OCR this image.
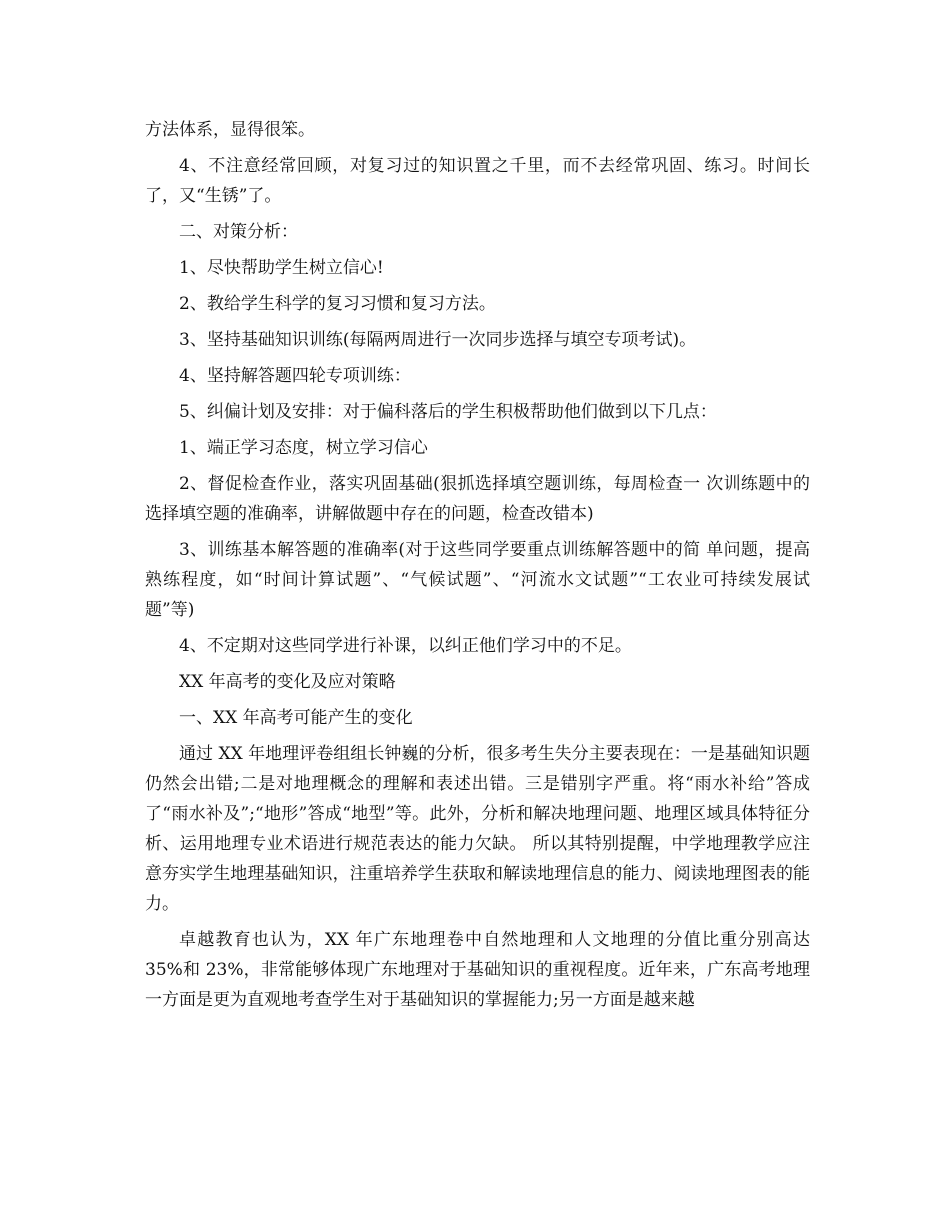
方法体系，显得很笨。

4、不注意经常回顾，对复习过的知识置之千里，而不去经常巩固、练习。时间长了，又“生锈”了。

二、对策分析：

1、尽快帮助学生树立信心!

2、教给学生科学的复习习惯和复习方法。

3、坚持基础知识训练(每隔两周进行一次同步选择与填空专项考试)。

4、坚持解答题四轮专项训练：

5、纠偏计划及安排：对于偏科落后的学生积极帮助他们做到以下几点：

1、端正学习态度，树立学习信心

2、督促检查作业，落实巩固基础(狠抓选择填空题训练，每周检查一 次训练题中的选择填空题的准确率，讲解做题中存在的问题，检查改错本)

3、训练基本解答题的准确率(对于这些同学要重点训练解答题中的简 单问题，提高熟练程度，如“时间计算试题”、“气候试题”、“河流水文试题”“工农业可持续发展试题”等)

4、不定期对这些同学进行补课，以纠正他们学习中的不足。

XX 年高考的变化及应对策略

一、XX 年高考可能产生的变化

通过 XX 年地理评卷组组长钟巍的分析，很多考生失分主要表现在：一是基础知识题仍然会出错;二是对地理概念的理解和表述出错。三是错别字严重。将“雨水补给”答成了“雨水补及”;“地形”答成“地型”等。此外，分析和解决地理问题、地理区域具体特征分析、运用地理专业术语进行规范表达的能力欠缺。 所以其特别提醒，中学地理教学应注意夯实学生地理基础知识，注重培养学生获取和解读地理信息的能力、阅读地理图表的能力。

卓越教育也认为，XX 年广东地理卷中自然地理和人文地理的分值比重分别高达 35%和 23%，非常能够体现广东地理对于基础知识的重视程度。近年来，广东高考地理一方面是更为直观地考查学生对于基础知识的掌握能力;另一方面是越来越
